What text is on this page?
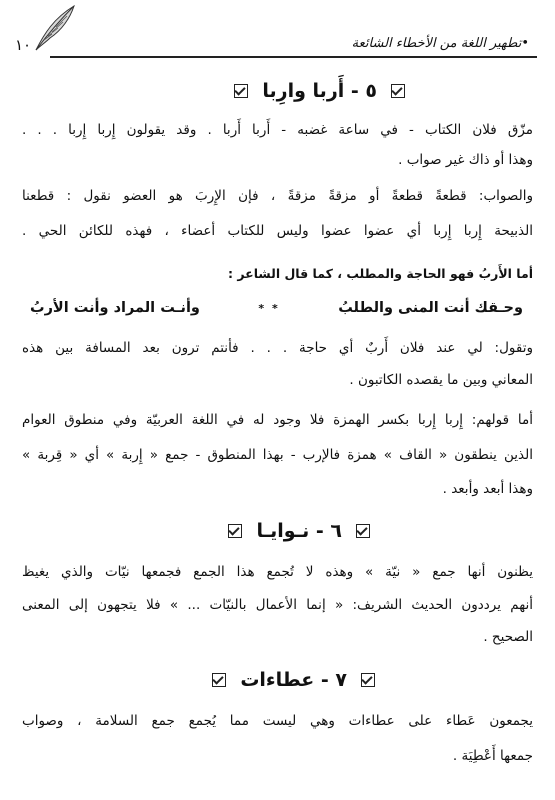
١٠	•تطهير اللغة من الأخطاء الشائعة
٥ - أَربا وارِبا
مزّق فلان الكتاب - في ساعة غضبه - أَربا أَربا . وقد يقولون إِربا إِربا . . .
وهذا أو ذاك غير صواب .
والصواب: قطعةً قطعةً أو مزقةً مزقةً ، فإن الإِربَ هو العضو نقول : قطعنا
الذبيحة إِربا إِربا أي عضوا عضوا وليس للكتاب أعضاء ، فهذه للكائن الحي .
أما الأَربُ فهو الحاجة والمطلب ، كما قال الشاعر :
وحـقك أنت المنى والطلبُ
* *
وأنـت المراد وأنت الأربُ
وتقول: لي عند فلان أَربٌ أي حاجة . . . فأنتم ترون بعد المسافة بين هذه
المعاني وبين ما يقصده الكاتبون .
أما قولهم: إِربا إِربا بكسر الهمزة فلا وجود له في اللغة العربيّة وفي منطوق العوام
الذين ينطقون « القاف » همزة فالإرب - بهذا المنطوق - جمع « إِربة » أي « قِربة »
وهذا أبعد وأبعد .
٦ - نـوايـا
يظنون أنها جمع « نيّة » وهذه لا تُجمع هذا الجمع فجمعها نيّات والذي يغيظ
أنهم يرددون الحديث الشريف: « إنما الأعمال بالنيّات ... » فلا يتجهون إلى المعنى
الصحيح .
٧ - عطاءات
يجمعون عَطاء على عطاءات وهي ليست مما يُجمع جمع السلامة ، وصواب
جمعها أَعْطِيَة .
